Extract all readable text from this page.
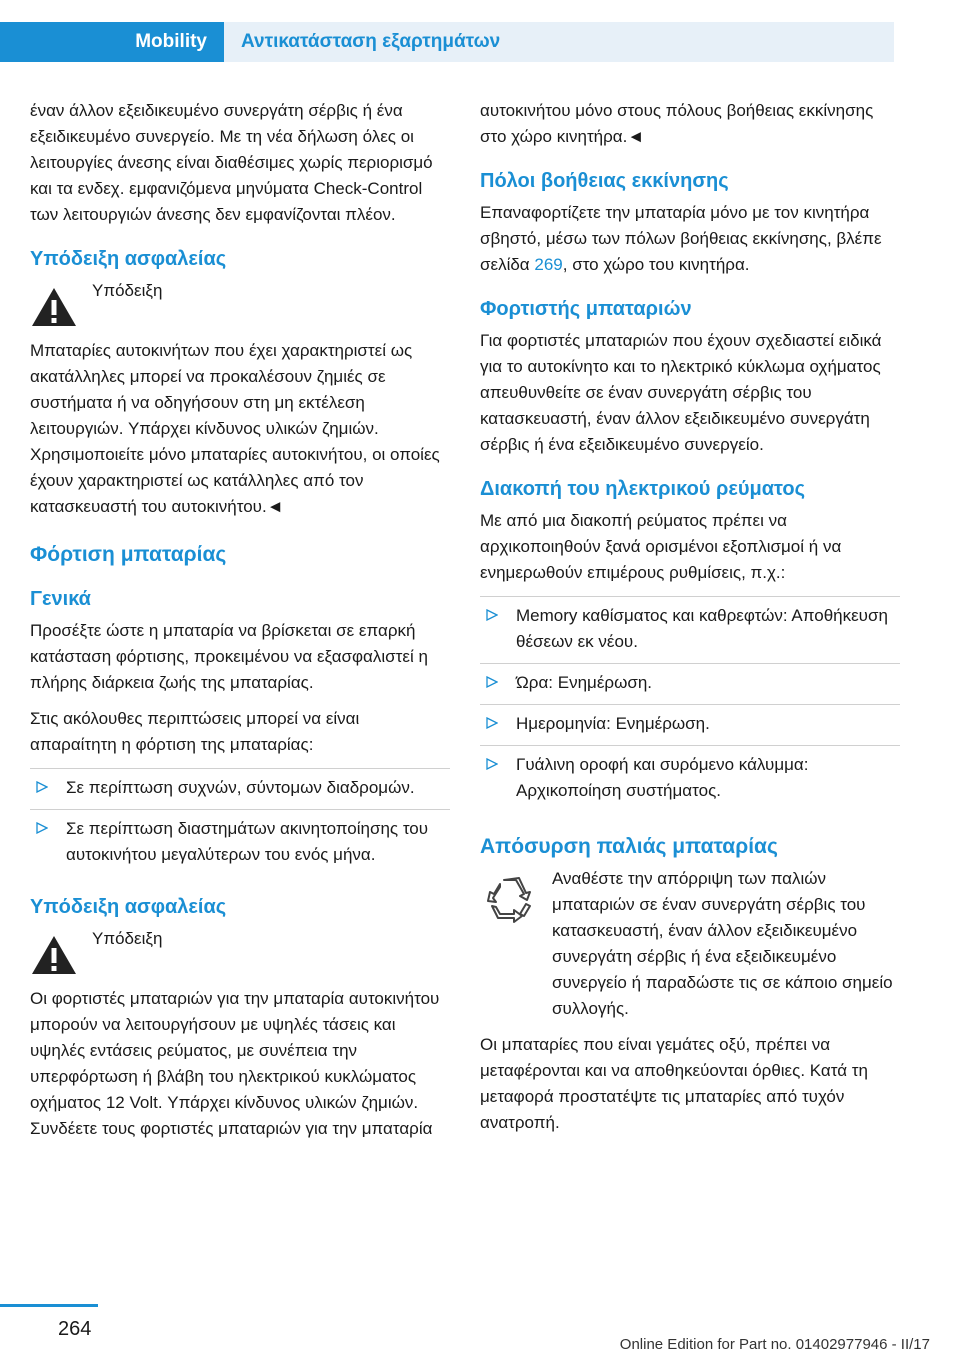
Mobility	Αντικατάσταση εξαρτημάτων

έναν άλλον εξειδικευμένο συνεργάτη σέρβις ή ένα εξειδικευμένο συνεργείο. Με τη νέα δήλωση όλες οι λειτουργίες άνεσης είναι διαθέσιμες χωρίς περιορισμό και τα ενδεχ. εμφανιζόμενα μηνύματα Check-Control των λειτουργιών άνεσης δεν εμφανίζονται πλέον.

Υπόδειξη ασφαλείας

Υπόδειξη

Μπαταρίες αυτοκινήτων που έχει χαρακτηριστεί ως ακατάλληλες μπορεί να προκαλέσουν ζημιές σε συστήματα ή να οδηγήσουν στη μη εκτέλεση λειτουργιών. Υπάρχει κίνδυνος υλικών ζημιών. Χρησιμοποιείτε μόνο μπαταρίες αυτοκινήτου, οι οποίες έχουν χαρακτηριστεί ως κατάλληλες από τον κατασκευαστή του αυτοκινήτου.◄

Φόρτιση μπαταρίας
Γενικά

Προσέξτε ώστε η μπαταρία να βρίσκεται σε επαρκή κατάσταση φόρτισης, προκειμένου να εξασφαλιστεί η πλήρης διάρκεια ζωής της μπαταρίας.

Στις ακόλουθες περιπτώσεις μπορεί να είναι απαραίτητη η φόρτιση της μπαταρίας:

Σε περίπτωση συχνών, σύντομων διαδρομών.
Σε περίπτωση διαστημάτων ακινητοποίησης του αυτοκινήτου μεγαλύτερων του ενός μήνα.
Υπόδειξη ασφαλείας

Υπόδειξη

Οι φορτιστές μπαταριών για την μπαταρία αυτοκινήτου μπορούν να λειτουργήσουν με υψηλές τάσεις και υψηλές εντάσεις ρεύματος, με συνέπεια την υπερφόρτωση ή βλάβη του ηλεκτρικού κυκλώματος οχήματος 12 Volt. Υπάρχει κίνδυνος υλικών ζημιών. Συνδέετε τους φορτιστές μπαταριών για την μπαταρία

αυτοκινήτου μόνο στους πόλους βοήθειας εκκίνησης στο χώρο κινητήρα.◄

Πόλοι βοήθειας εκκίνησης

Επαναφορτίζετε την μπαταρία μόνο με τον κινητήρα σβηστό, μέσω των πόλων βοήθειας εκκίνησης, βλέπε σελίδα 269, στο χώρο του κινητήρα.

Φορτιστής μπαταριών

Για φορτιστές μπαταριών που έχουν σχεδιαστεί ειδικά για το αυτοκίνητο και το ηλεκτρικό κύκλωμα οχήματος απευθυνθείτε σε έναν συνεργάτη σέρβις του κατασκευαστή, έναν άλλον εξειδικευμένο συνεργάτη σέρβις ή ένα εξειδικευμένο συνεργείο.

Διακοπή του ηλεκτρικού ρεύματος

Με από μια διακοπή ρεύματος πρέπει να αρχικοποιηθούν ξανά ορισμένοι εξοπλισμοί ή να ενημερωθούν επιμέρους ρυθμίσεις, π.χ.:

Memory καθίσματος και καθρεφτών: Αποθήκευση θέσεων εκ νέου.
Ώρα: Ενημέρωση.
Ημερομηνία: Ενημέρωση.
Γυάλινη οροφή και συρόμενο κάλυμμα: Αρχικοποίηση συστήματος.
Απόσυρση παλιάς μπαταρίας

Αναθέστε την απόρριψη των παλιών μπαταριών σε έναν συνεργάτη σέρβις του κατασκευαστή, έναν άλλον εξειδικευμένο συνεργάτη σέρβις ή ένα εξειδικευμένο συνεργείο ή παραδώστε τις σε κάποιο σημείο συλλογής.

Οι μπαταρίες που είναι γεμάτες οξύ, πρέπει να μεταφέρονται και να αποθηκεύονται όρθιες. Κατά τη μεταφορά προστατέψτε τις μπαταρίες από τυχόν ανατροπή.

264
Online Edition for Part no. 01402977946 - II/17
